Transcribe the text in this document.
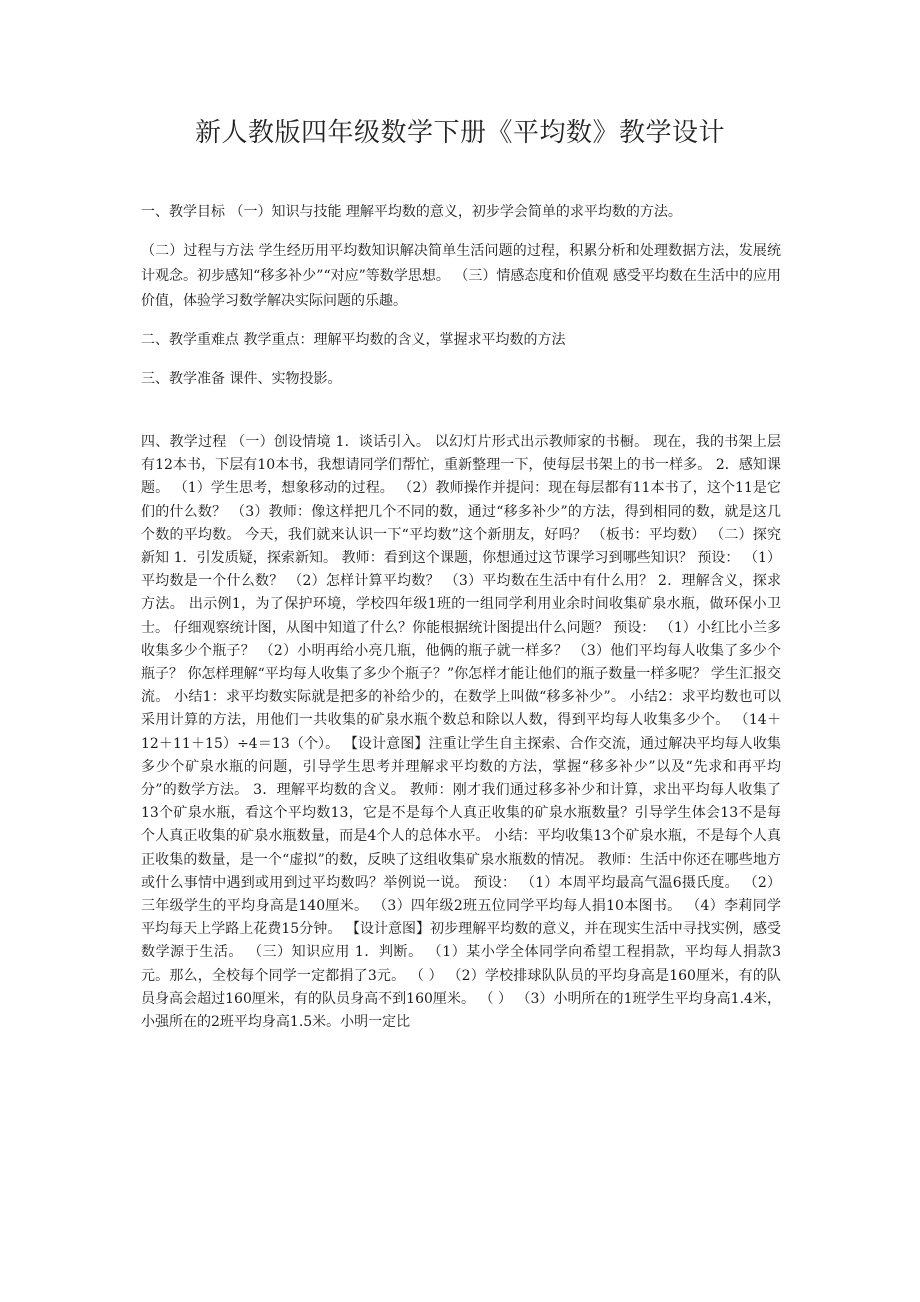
新人教版四年级数学下册《平均数》教学设计
一、教学目标 （一）知识与技能 理解平均数的意义，初步学会简单的求平均数的方法。
（二）过程与方法 学生经历用平均数知识解决简单生活问题的过程，积累分析和处理数据方法，发展统计观念。初步感知“移多补少”“对应”等数学思想。 （三）情感态度和价值观 感受平均数在生活中的应用价值，体验学习数学解决实际问题的乐趣。
二、教学重难点 教学重点：理解平均数的含义，掌握求平均数的方法
三、教学准备 课件、实物投影。
四、教学过程 （一）创设情境 1．谈话引入。 以幻灯片形式出示教师家的书橱。 现在，我的书架上层有12本书，下层有10本书，我想请同学们帮忙，重新整理一下，使每层书架上的书一样多。 2．感知课题。 （1）学生思考，想象移动的过程。 （2）教师操作并提问：现在每层都有11本书了，这个11是它们的什么数？ （3）教师：像这样把几个不同的数，通过“移多补少”的方法，得到相同的数，就是这几个数的平均数。 今天，我们就来认识一下“平均数”这个新朋友，好吗？ （板书：平均数） （二）探究新知 1．引发质疑，探索新知。 教师：看到这个课题，你想通过这节课学习到哪些知识？ 预设： （1）平均数是一个什么数？ （2）怎样计算平均数？ （3）平均数在生活中有什么用？ 2．理解含义，探求方法。 出示例1，为了保护环境，学校四年级1班的一组同学利用业余时间收集矿泉水瓶，做环保小卫士。 仔细观察统计图，从图中知道了什么？你能根据统计图提出什么问题？ 预设： （1）小红比小兰多收集多少个瓶子？ （2）小明再给小亮几瓶，他俩的瓶子就一样多？ （3）他们平均每人收集了多少个瓶子？ 你怎样理解“平均每人收集了多少个瓶子？”你怎样才能让他们的瓶子数量一样多呢？ 学生汇报交流。 小结1：求平均数实际就是把多的补给少的，在数学上叫做“移多补少”。 小结2：求平均数也可以采用计算的方法，用他们一共收集的矿泉水瓶个数总和除以人数，得到平均每人收集多少个。 （14＋12＋11＋15）÷4＝13（个）。 【设计意图】注重让学生自主探索、合作交流，通过解决平均每人收集多少个矿泉水瓶的问题，引导学生思考并理解求平均数的方法，掌握“移多补少”以及“先求和再平均分”的数学方法。 3．理解平均数的含义。 教师：刚才我们通过移多补少和计算，求出平均每人收集了13个矿泉水瓶，看这个平均数13，它是不是每个人真正收集的矿泉水瓶数量？引导学生体会13不是每个人真正收集的矿泉水瓶数量，而是4个人的总体水平。 小结：平均收集13个矿泉水瓶，不是每个人真正收集的数量，是一个“虚拟”的数，反映了这组收集矿泉水瓶数的情况。 教师：生活中你还在哪些地方或什么事情中遇到或用到过平均数吗？举例说一说。 预设： （1）本周平均最高气温6摄氏度。 （2）三年级学生的平均身高是140厘米。 （3）四年级2班五位同学平均每人捐10本图书。 （4）李莉同学平均每天上学路上花费15分钟。 【设计意图】初步理解平均数的意义，并在现实生活中寻找实例，感受数学源于生活。 （三）知识应用 1．判断。 （1）某小学全体同学向希望工程捐款，平均每人捐款3元。那么，全校每个同学一定都捐了3元。 （ ） （2）学校排球队队员的平均身高是160厘米，有的队员身高会超过160厘米，有的队员身高不到160厘米。 （ ） （3）小明所在的1班学生平均身高1.4米，小强所在的2班平均身高1.5米。小明一定比
